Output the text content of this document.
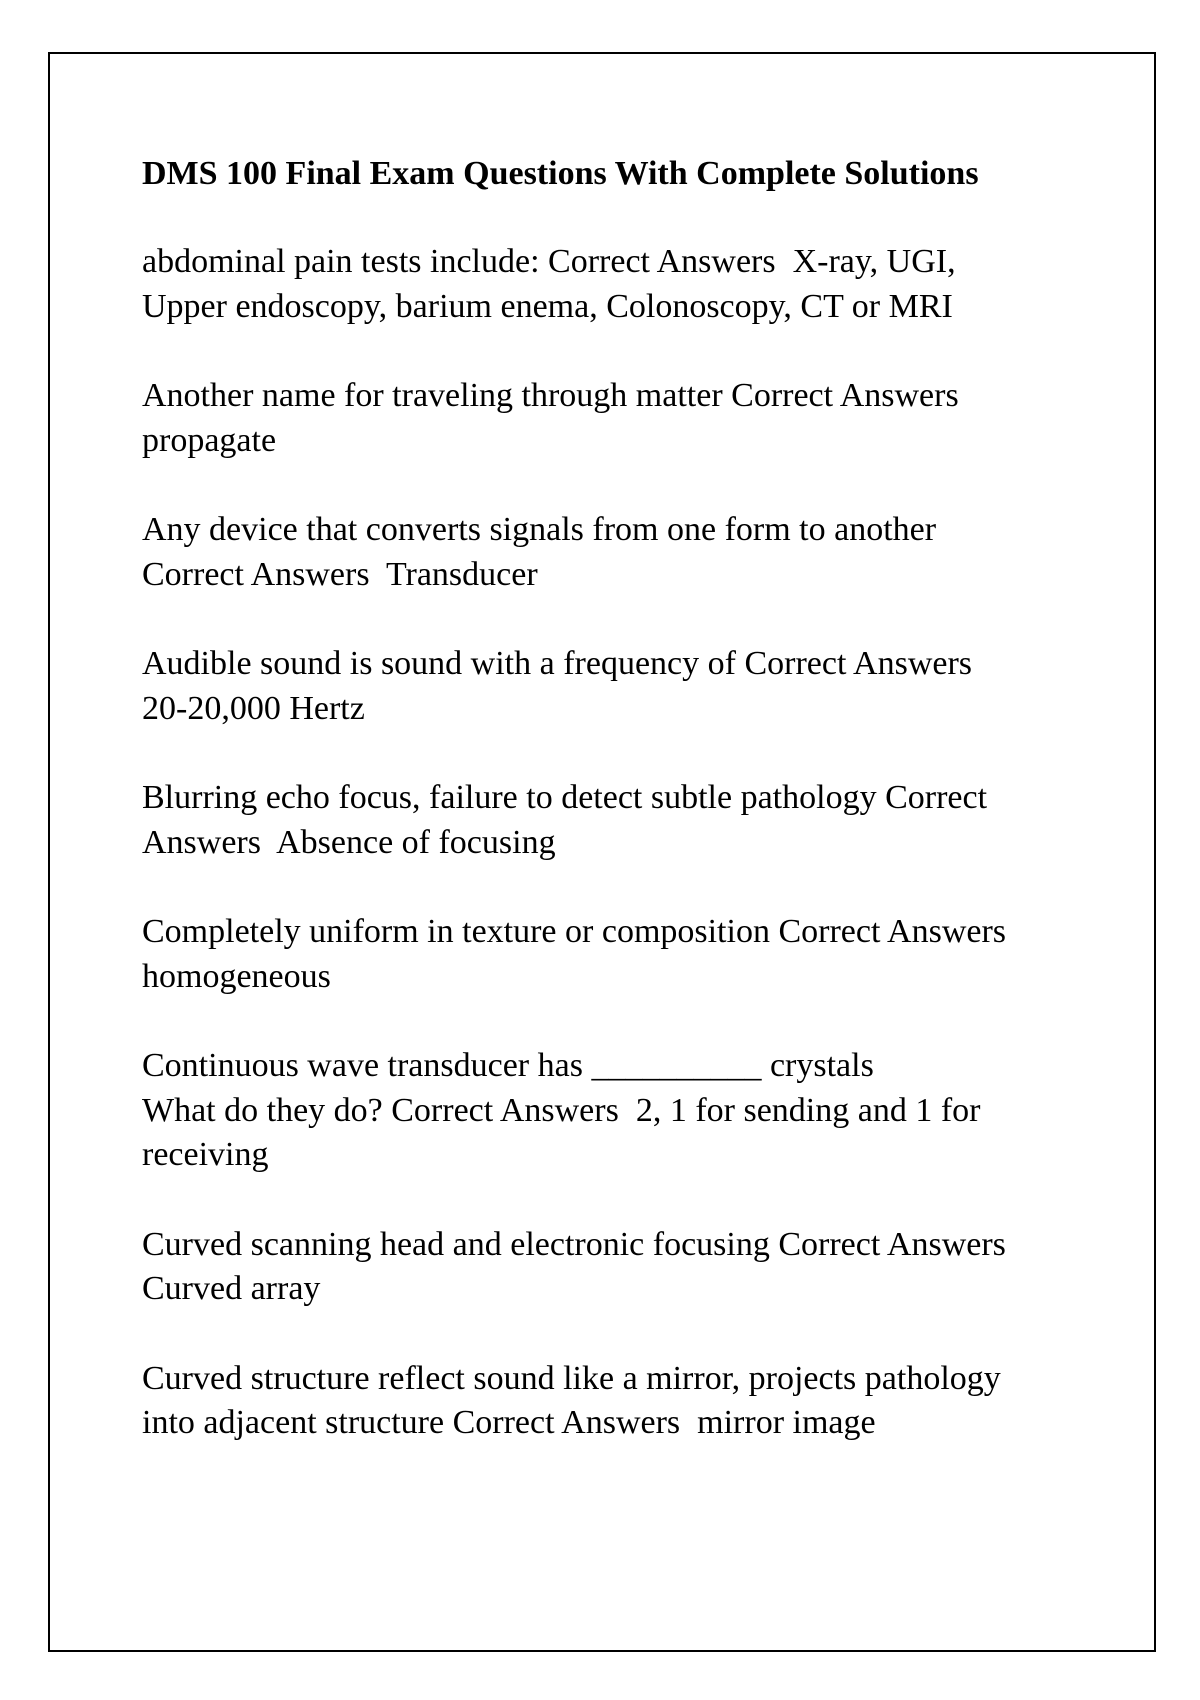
DMS 100 Final Exam Questions With Complete Solutions
abdominal pain tests include: Correct Answers  X-ray, UGI,
Upper endoscopy, barium enema, Colonoscopy, CT or MRI
Another name for traveling through matter Correct Answers
propagate
Any device that converts signals from one form to another
Correct Answers  Transducer
Audible sound is sound with a frequency of Correct Answers
20-20,000 Hertz
Blurring echo focus, failure to detect subtle pathology Correct
Answers  Absence of focusing
Completely uniform in texture or composition Correct Answers
homogeneous
Continuous wave transducer has __________ crystals
What do they do? Correct Answers  2, 1 for sending and 1 for
receiving
Curved scanning head and electronic focusing Correct Answers
Curved array
Curved structure reflect sound like a mirror, projects pathology
into adjacent structure Correct Answers  mirror image
